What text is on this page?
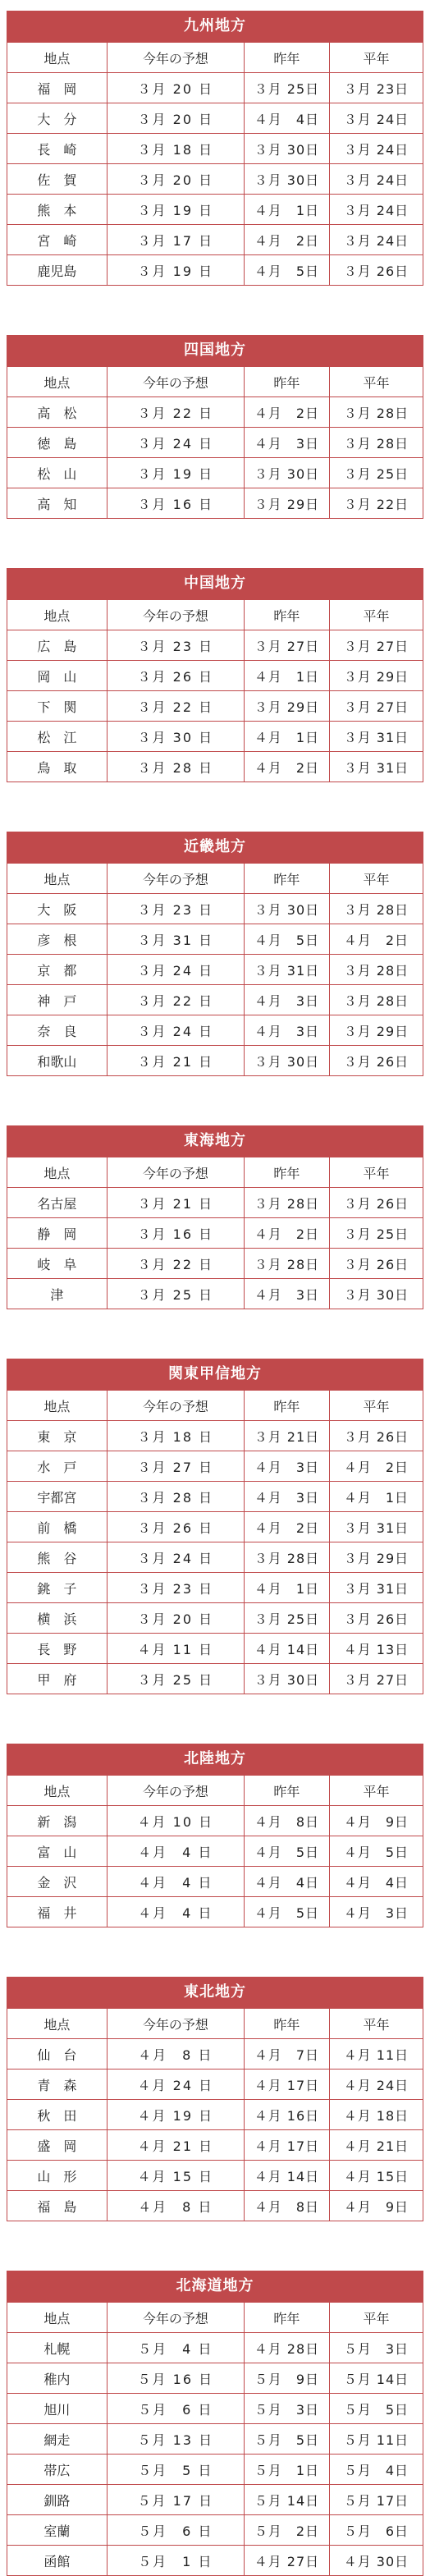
九州地方
地点	今年の予想	昨年	平年
福　岡	３月 20 日	３月 25日	３月 23日
大　分	３月 20 日	４月　4日	３月 24日
長　崎	３月 18 日	３月 30日	３月 24日
佐　賀	３月 20 日	３月 30日	３月 24日
熊　本	３月 19 日	４月　1日	３月 24日
宮　崎	３月 17 日	４月　2日	３月 24日
鹿児島	３月 19 日	４月　5日	３月 26日
四国地方
地点	今年の予想	昨年	平年
高　松	３月 22 日	４月　2日	３月 28日
徳　島	３月 24 日	４月　3日	３月 28日
松　山	３月 19 日	３月 30日	３月 25日
高　知	３月 16 日	３月 29日	３月 22日
中国地方
地点	今年の予想	昨年	平年
広　島	３月 23 日	３月 27日	３月 27日
岡　山	３月 26 日	４月　1日	３月 29日
下　関	３月 22 日	３月 29日	３月 27日
松　江	３月 30 日	４月　1日	３月 31日
鳥　取	３月 28 日	４月　2日	３月 31日
近畿地方
地点	今年の予想	昨年	平年
大　阪	３月 23 日	３月 30日	３月 28日
彦　根	３月 31 日	４月　5日	４月　2日
京　都	３月 24 日	３月 31日	３月 28日
神　戸	３月 22 日	４月　3日	３月 28日
奈　良	３月 24 日	４月　3日	３月 29日
和歌山	３月 21 日	３月 30日	３月 26日
東海地方
地点	今年の予想	昨年	平年
名古屋	３月 21 日	３月 28日	３月 26日
静　岡	３月 16 日	４月　2日	３月 25日
岐　阜	３月 22 日	３月 28日	３月 26日
津	３月 25 日	４月　3日	３月 30日
関東甲信地方
地点	今年の予想	昨年	平年
東　京	３月 18 日	３月 21日	３月 26日
水　戸	３月 27 日	４月　3日	４月　2日
宇都宮	３月 28 日	４月　3日	４月　1日
前　橋	３月 26 日	４月　2日	３月 31日
熊　谷	３月 24 日	３月 28日	３月 29日
銚　子	３月 23 日	４月　1日	３月 31日
横　浜	３月 20 日	３月 25日	３月 26日
長　野	４月 11 日	４月 14日	４月 13日
甲　府	３月 25 日	３月 30日	３月 27日
北陸地方
地点	今年の予想	昨年	平年
新　潟	４月 10 日	４月　8日	４月　9日
富　山	４月　4 日	４月　5日	４月　5日
金　沢	４月　4 日	４月　4日	４月　4日
福　井	４月　4 日	４月　5日	４月　3日
東北地方
地点	今年の予想	昨年	平年
仙　台	４月　8 日	４月　7日	４月 11日
青　森	４月 24 日	４月 17日	４月 24日
秋　田	４月 19 日	４月 16日	４月 18日
盛　岡	４月 21 日	４月 17日	４月 21日
山　形	４月 15 日	４月 14日	４月 15日
福　島	４月　8 日	４月　8日	４月　9日
北海道地方
地点	今年の予想	昨年	平年
札幌	５月　4 日	４月 28日	５月　3日
稚内	５月 16 日	５月　9日	５月 14日
旭川	５月　6 日	５月　3日	５月　5日
網走	５月 13 日	５月　5日	５月 11日
帯広	５月　5 日	５月　1日	５月　4日
釧路	５月 17 日	５月 14日	５月 17日
室蘭	５月　6 日	５月　2日	５月　6日
函館	５月　1 日	４月 27日	４月 30日
